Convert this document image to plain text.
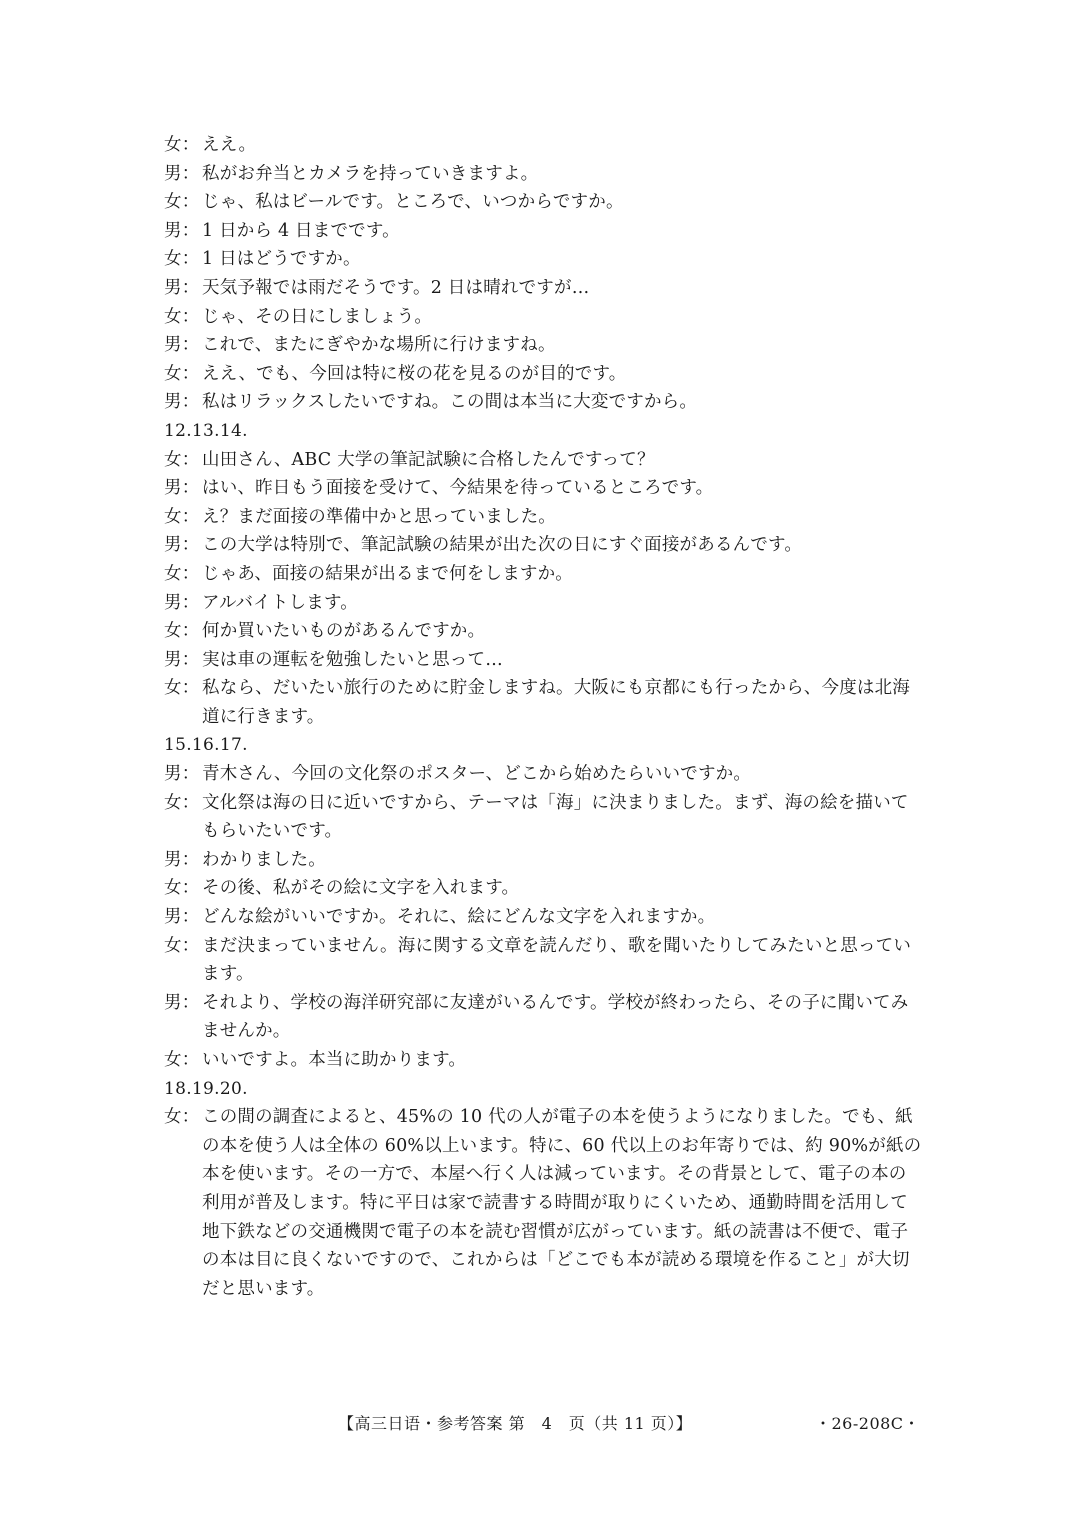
女： ええ。
男： 私がお弁当とカメラを持っていきますよ。
女： じゃ、私はビールです。ところで、いつからですか。
男： 1 日から 4 日までです。
女： 1 日はどうですか。
男： 天気予報では雨だそうです。2 日は晴れですが…
女： じゃ、その日にしましょう。
男： これで、またにぎやかな場所に行けますね。
女： ええ、でも、今回は特に桜の花を見るのが目的です。
男： 私はリラックスしたいですね。この間は本当に大変ですから。
12.13.14.
女： 山田さん、ABC 大学の筆記試験に合格したんですって？
男： はい、昨日もう面接を受けて、今結果を待っているところです。
女： え？まだ面接の準備中かと思っていました。
男： この大学は特別で、筆記試験の結果が出た次の日にすぐ面接があるんです。
女： じゃあ、面接の結果が出るまで何をしますか。
男： アルバイトします。
女： 何か買いたいものがあるんですか。
男： 実は車の運転を勉強したいと思って…
女： 私なら、だいたい旅行のために貯金しますね。大阪にも京都にも行ったから、今度は北海道に行きます。
15.16.17.
男： 青木さん、今回の文化祭のポスター、どこから始めたらいいですか。
女： 文化祭は海の日に近いですから、テーマは「海」に決まりました。まず、海の絵を描いてもらいたいです。
男： わかりました。
女： その後、私がその絵に文字を入れます。
男： どんな絵がいいですか。それに、絵にどんな文字を入れますか。
女： まだ決まっていません。海に関する文章を読んだり、歌を聞いたりしてみたいと思っています。
男： それより、学校の海洋研究部に友達がいるんです。学校が終わったら、その子に聞いてみませんか。
女： いいですよ。本当に助かります。
18.19.20.
女： この間の調査によると、45%の 10 代の人が電子の本を使うようになりました。でも、紙の本を使う人は全体の 60%以上います。特に、60 代以上のお年寄りでは、約 90%が紙の本を使います。その一方で、本屋へ行く人は減っています。その背景として、電子の本の利用が普及します。特に平日は家で読書する時間が取りにくいため、通勤時間を活用して地下鉄などの交通機関で電子の本を読む習慣が広がっています。紙の読書は不便で、電子の本は目に良くないですので、これからは「どこでも本が読める環境を作ること」が大切だと思います。
【高三日语・参考答案 第　4　页（共 11 页）】	・26-208C・
